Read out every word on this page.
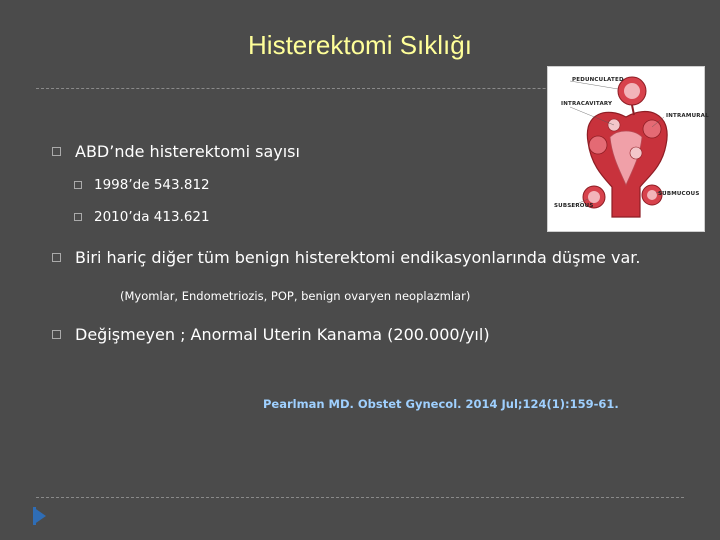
Histerektomi Sıklığı
ABD’nde histerektomi sayısı
1998’de 543.812
2010’da 413.621
Biri hariç diğer tüm benign histerektomi endikasyonlarında düşme var.
(Myomlar, Endometriozis, POP, benign ovaryen neoplazmlar)
Değişmeyen ; Anormal Uterin Kanama (200.000/yıl)
Pearlman MD. Obstet Gynecol. 2014 Jul;124(1):159-61.
PEDUNCULATED
INTRACAVITARY
INTRAMURAL
SUBSEROUS
SUBMUCOUS
